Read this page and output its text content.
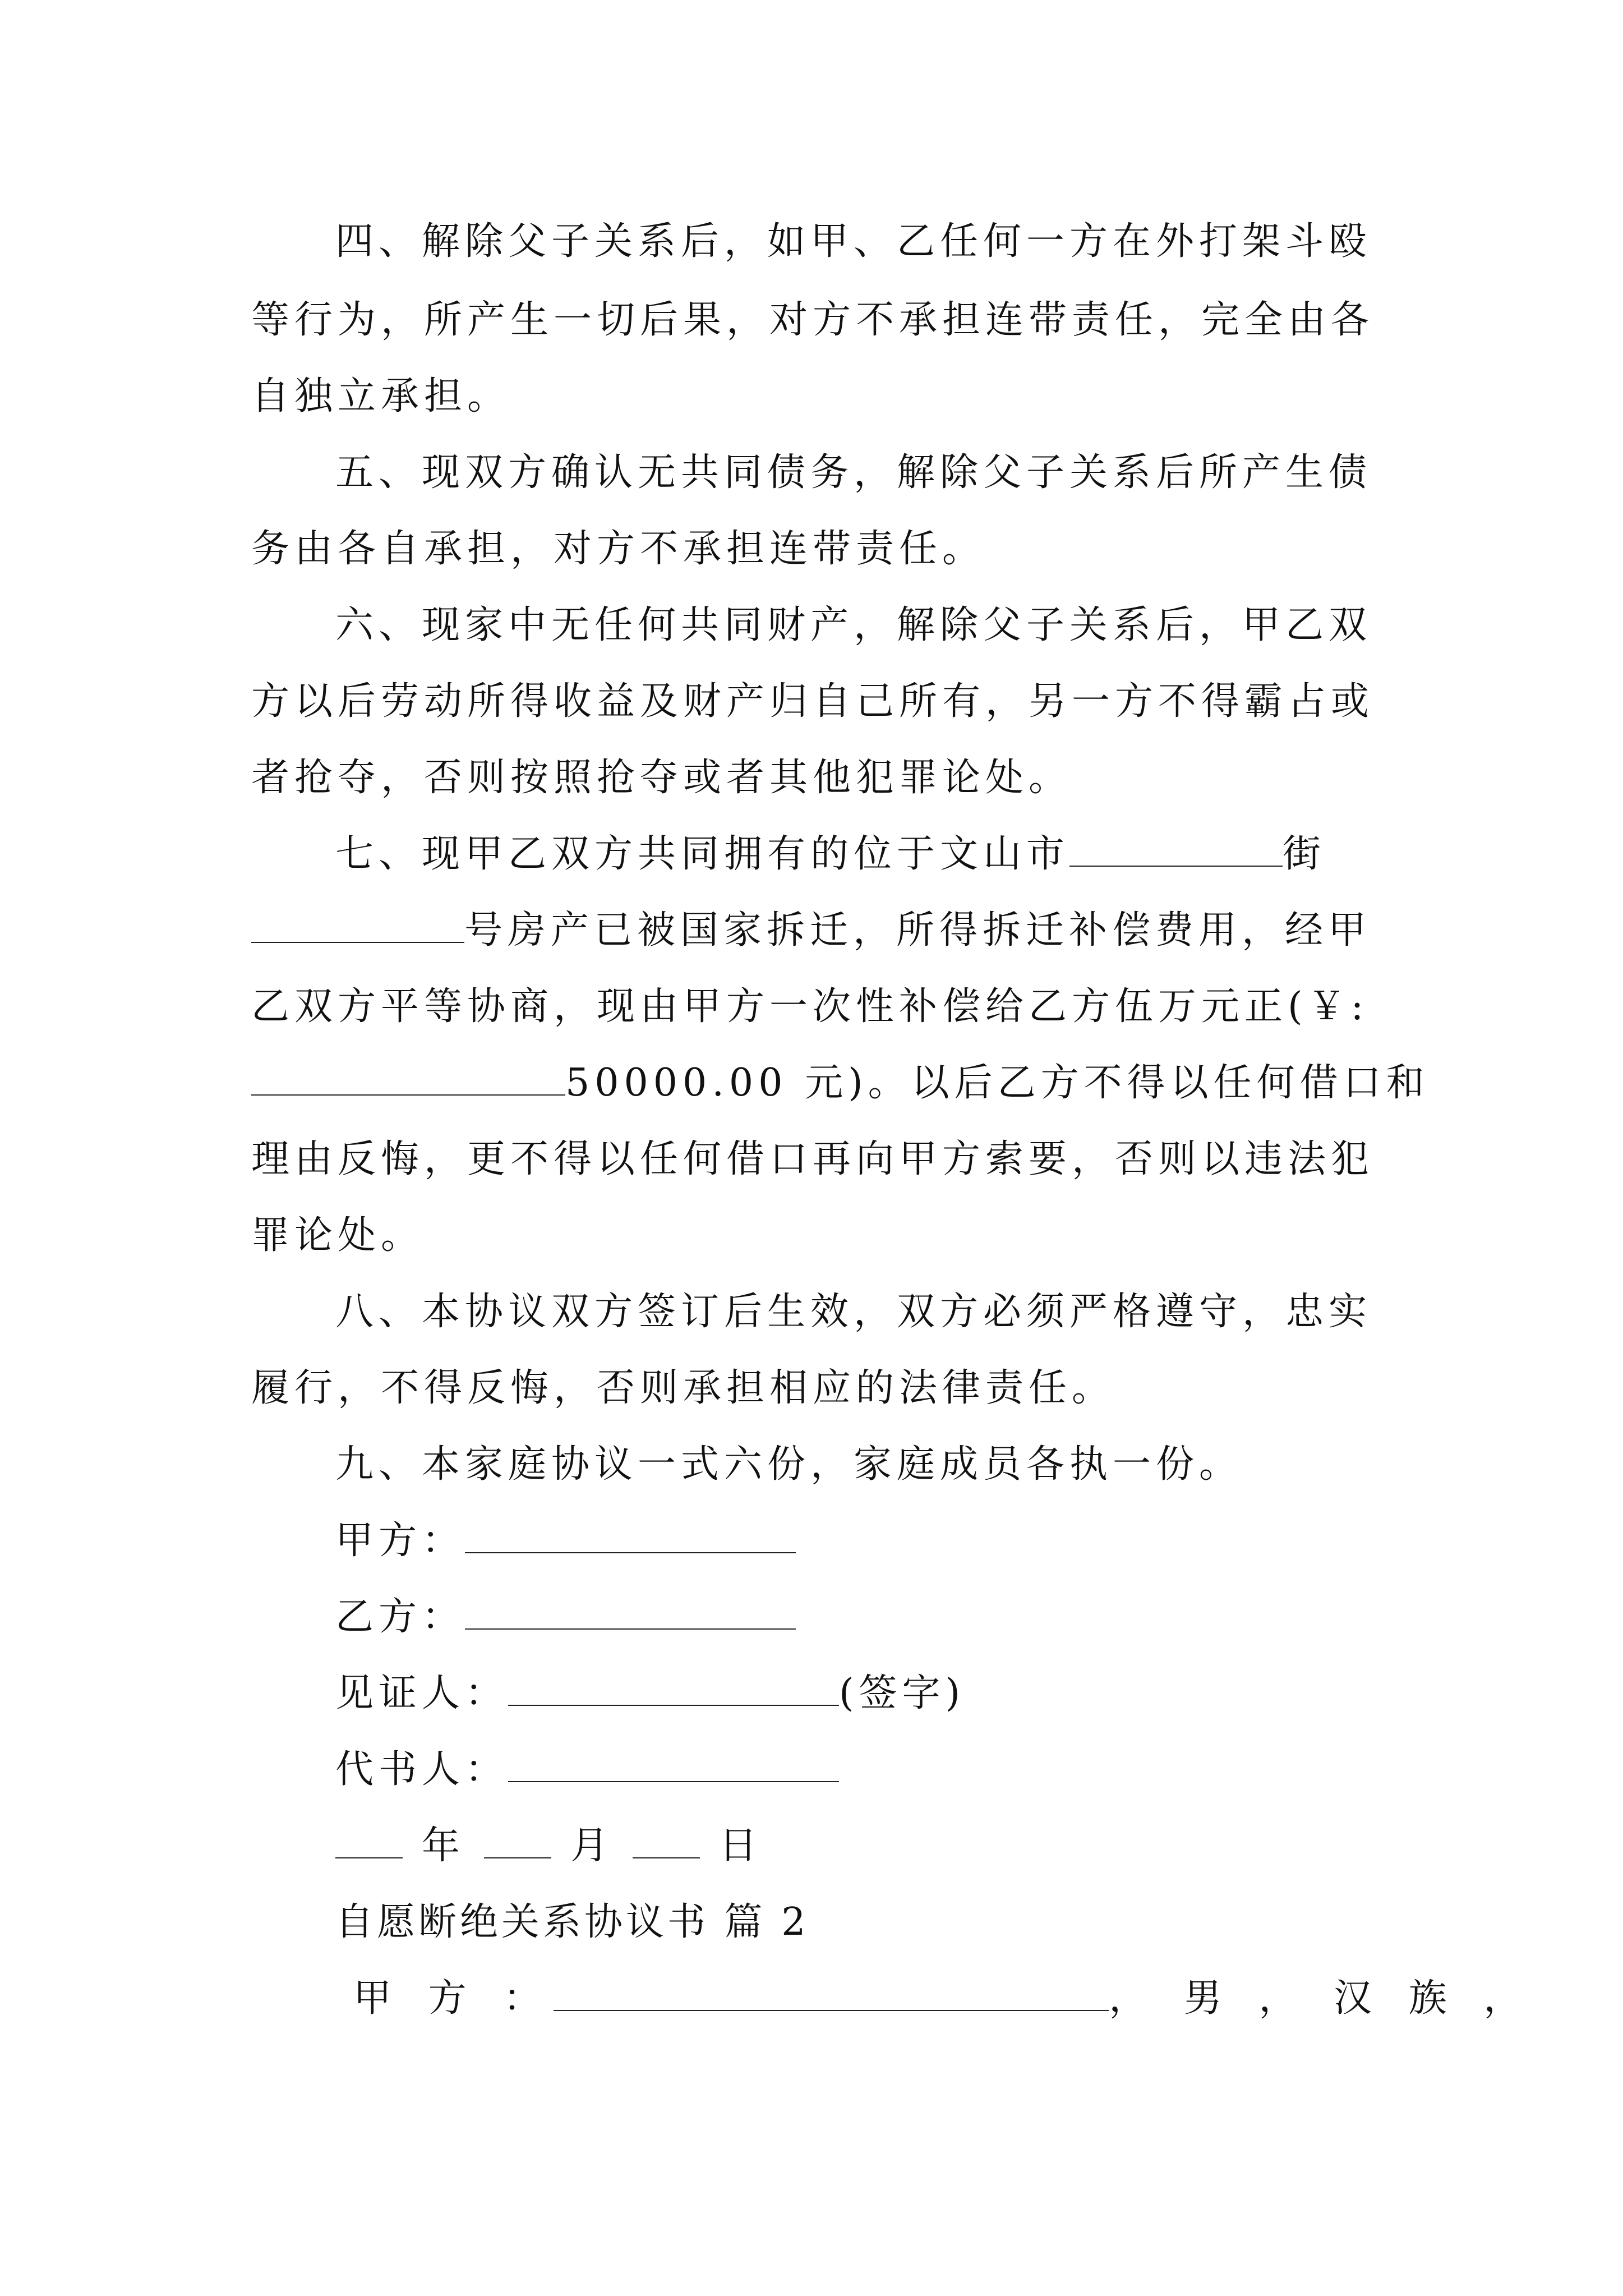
四、解除父子关系后，如甲、乙任何一方在外打架斗殴
等行为，所产生一切后果，对方不承担连带责任，完全由各
自独立承担。
五、现双方确认无共同债务，解除父子关系后所产生债
务由各自承担，对方不承担连带责任。
六、现家中无任何共同财产，解除父子关系后，甲乙双
方以后劳动所得收益及财产归自己所有，另一方不得霸占或
者抢夺，否则按照抢夺或者其他犯罪论处。
七、现甲乙双方共同拥有的位于文山市	街
号房产已被国家拆迁，所得拆迁补偿费用，经甲
乙双方平等协商，现由甲方一次性补偿给乙方伍万元正(￥:
50000.00 元)。以后乙方不得以任何借口和
理由反悔，更不得以任何借口再向甲方索要，否则以违法犯
罪论处。
八、本协议双方签订后生效，双方必须严格遵守，忠实
履行，不得反悔，否则承担相应的法律责任。
九、本家庭协议一式六份，家庭成员各执一份。
甲方：
乙方：
见证人：	(签字)
代书人：
年	月	日
自愿断绝关系协议书 篇 2
甲 方 ：	， 男 ， 汉 族 ，
